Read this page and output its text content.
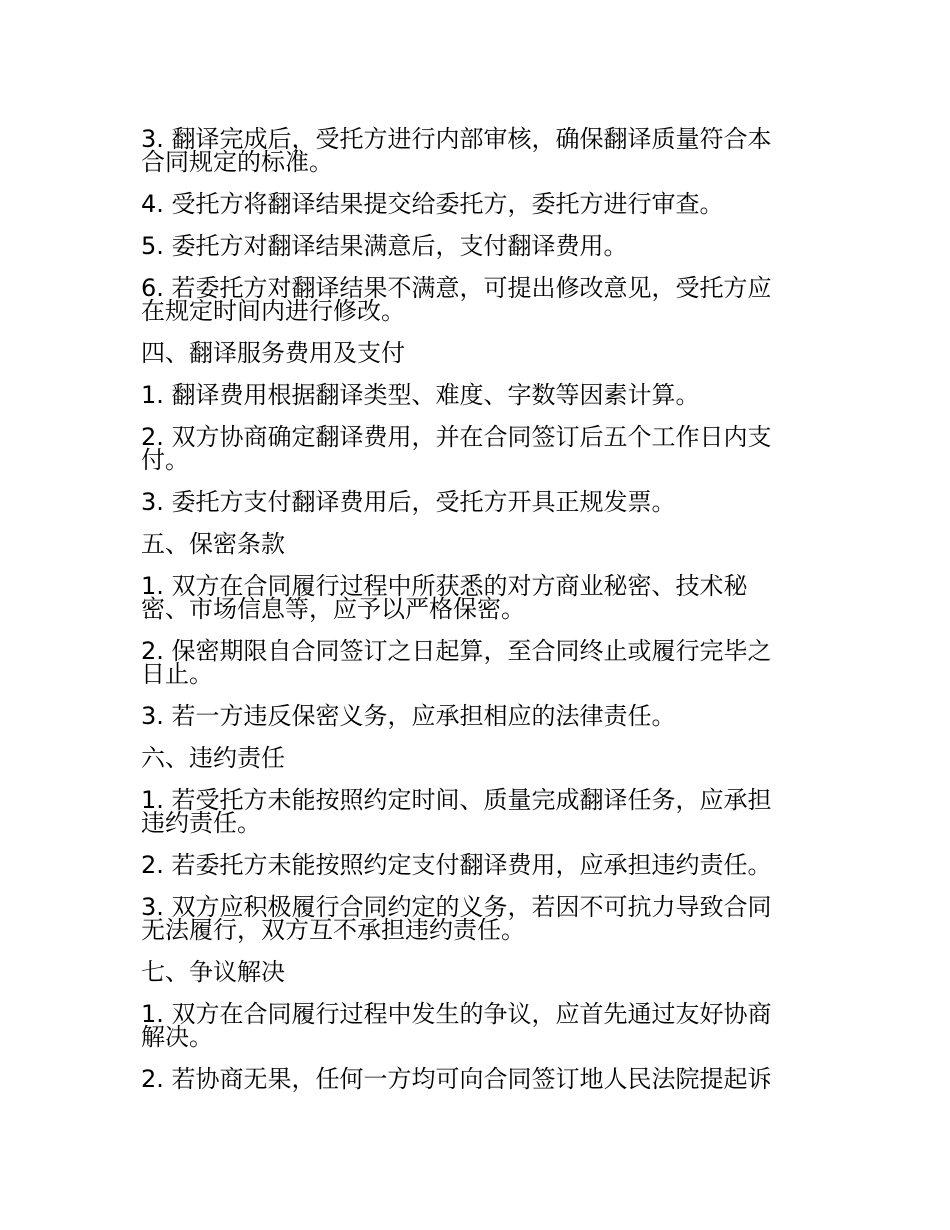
3. 翻译完成后，受托方进行内部审核，确保翻译质量符合本合同规定的标准。

4. 受托方将翻译结果提交给委托方，委托方进行审查。

5. 委托方对翻译结果满意后，支付翻译费用。

6. 若委托方对翻译结果不满意，可提出修改意见，受托方应在规定时间内进行修改。

四、翻译服务费用及支付

1. 翻译费用根据翻译类型、难度、字数等因素计算。

2. 双方协商确定翻译费用，并在合同签订后五个工作日内支付。

3. 委托方支付翻译费用后，受托方开具正规发票。

五、保密条款

1. 双方在合同履行过程中所获悉的对方商业秘密、技术秘密、市场信息等，应予以严格保密。

2. 保密期限自合同签订之日起算，至合同终止或履行完毕之日止。

3. 若一方违反保密义务，应承担相应的法律责任。

六、违约责任

1. 若受托方未能按照约定时间、质量完成翻译任务，应承担违约责任。

2. 若委托方未能按照约定支付翻译费用，应承担违约责任。

3. 双方应积极履行合同约定的义务，若因不可抗力导致合同无法履行，双方互不承担违约责任。

七、争议解决

1. 双方在合同履行过程中发生的争议，应首先通过友好协商解决。

2. 若协商无果，任何一方均可向合同签订地人民法院提起诉
